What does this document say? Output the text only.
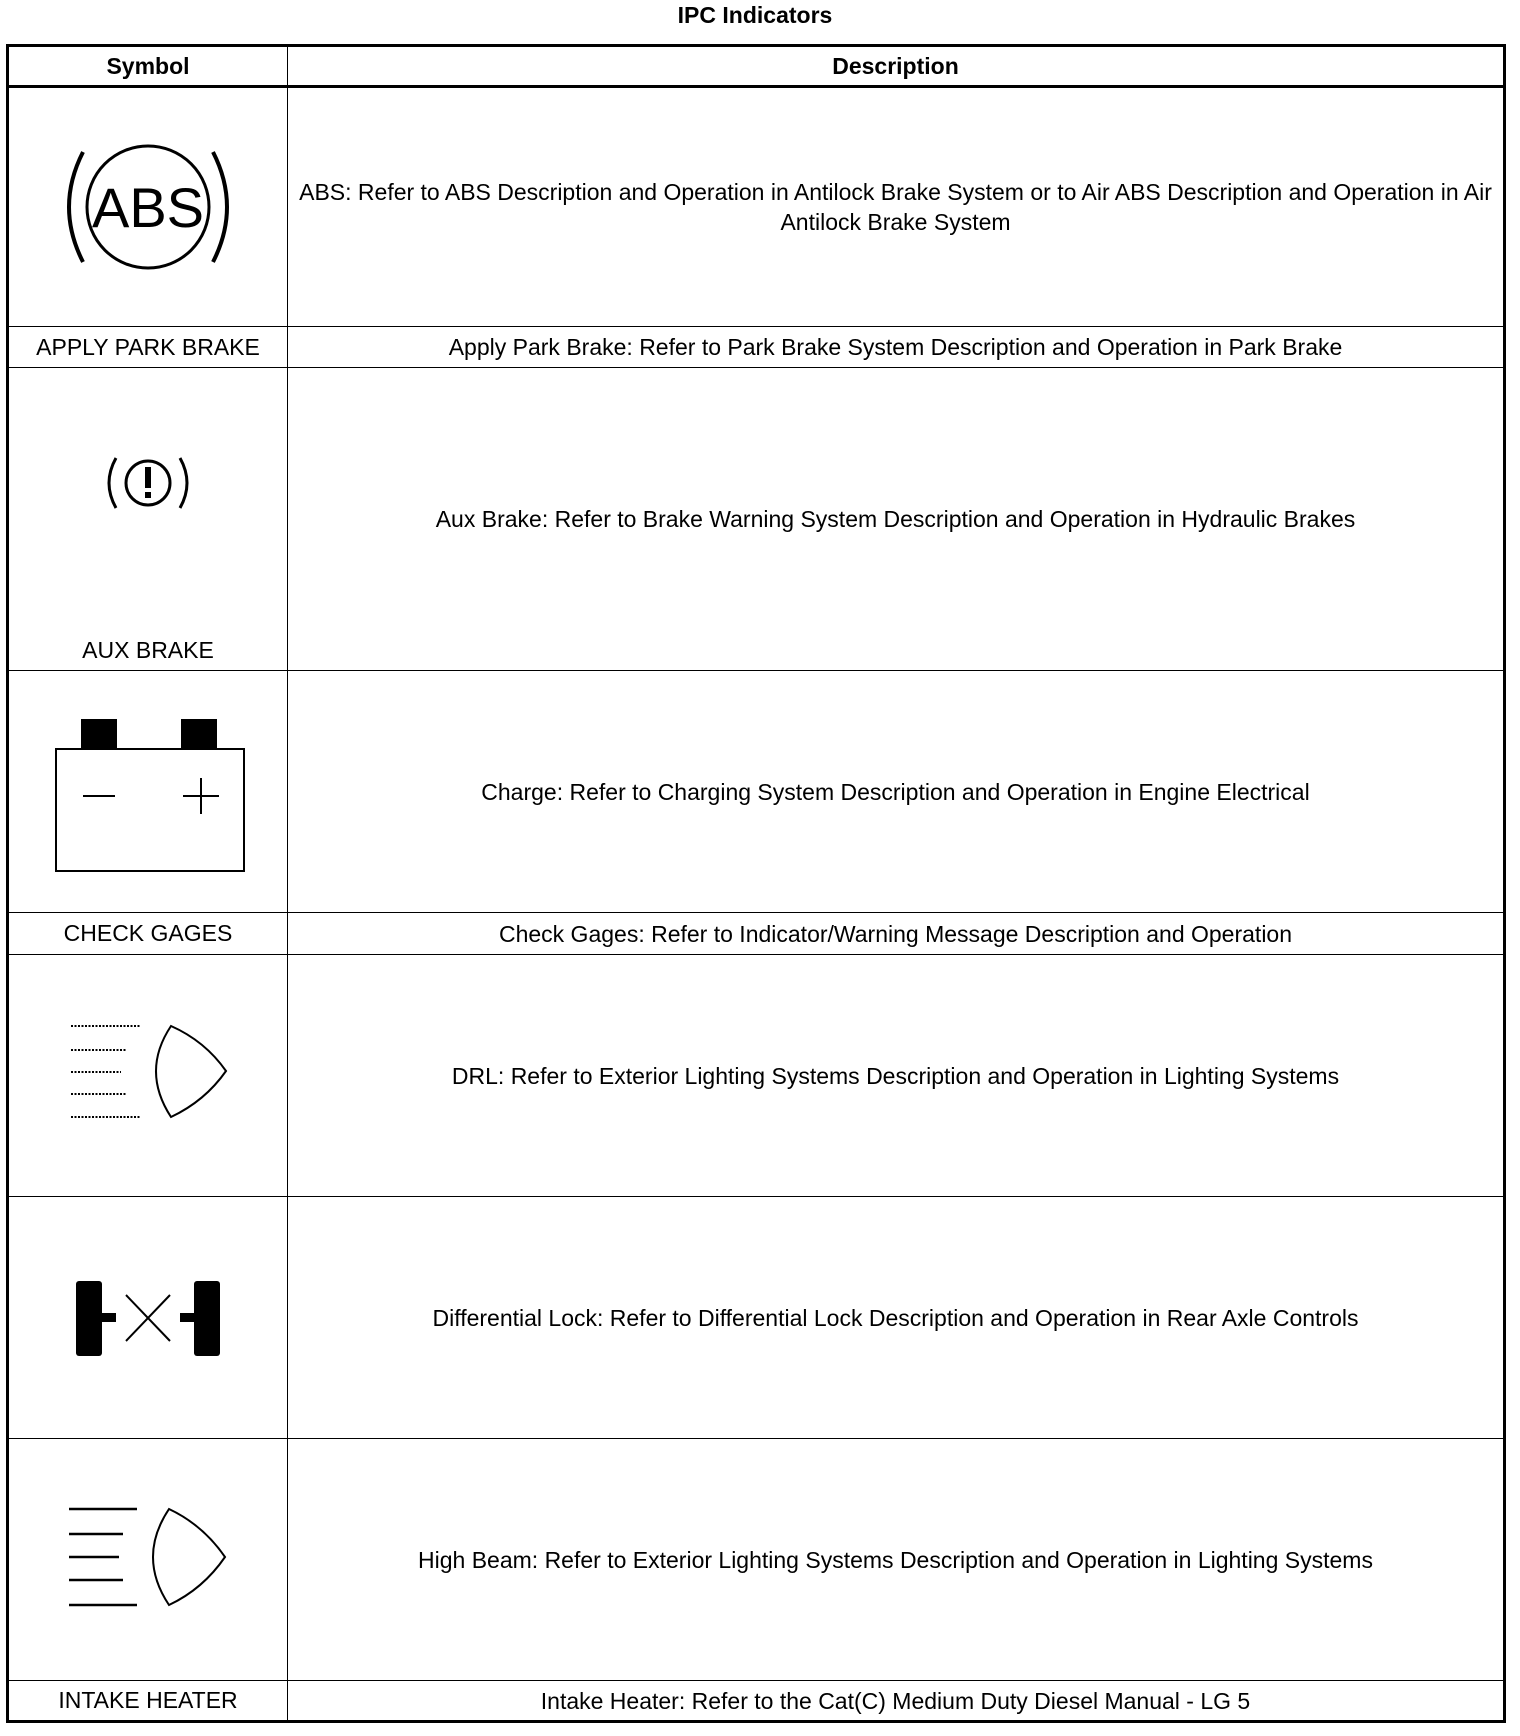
IPC Indicators
Symbol	Description

ABS	ABS: Refer to ABS Description and Operation in Antilock Brake System or to Air ABS Description and Operation in Air Antilock Brake System
APPLY PARK BRAKE	Apply Park Brake: Refer to Park Brake System Description and Operation in Park Brake

AUX BRAKE	Aux Brake: Refer to Brake Warning System Description and Operation in Hydraulic Brakes

	Charge: Refer to Charging System Description and Operation in Engine Electrical
CHECK GAGES	Check Gages: Refer to Indicator/Warning Message Description and Operation

	DRL: Refer to Exterior Lighting Systems Description and Operation in Lighting Systems

	Differential Lock: Refer to Differential Lock Description and Operation in Rear Axle Controls

	High Beam: Refer to Exterior Lighting Systems Description and Operation in Lighting Systems
INTAKE HEATER	Intake Heater: Refer to the Cat(C) Medium Duty Diesel Manual - LG 5
